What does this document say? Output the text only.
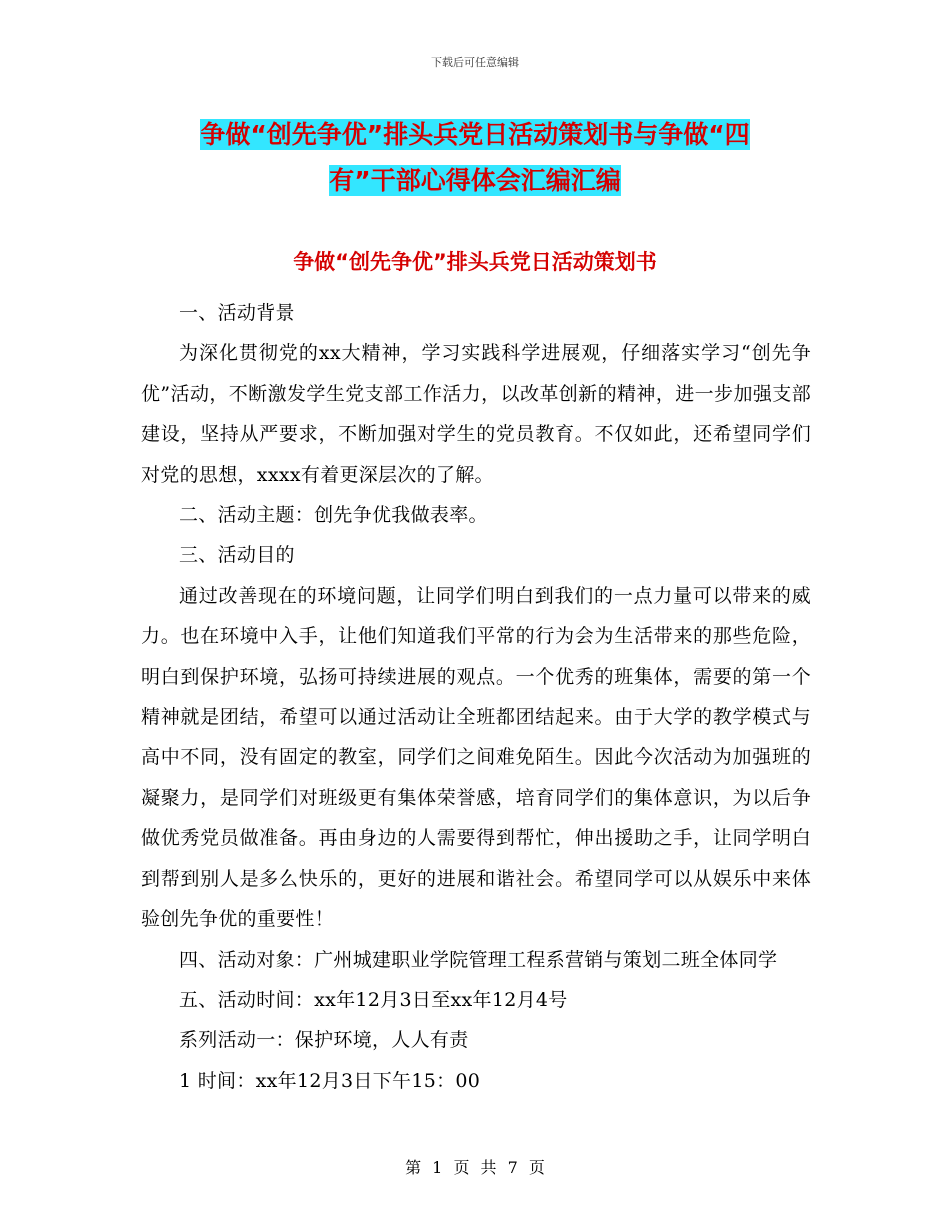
下载后可任意编辑
争做“创先争优”排头兵党日活动策划书与争做“四
有”干部心得体会汇编汇编
争做“创先争优”排头兵党日活动策划书

一、活动背景

为深化贯彻党的xx大精神，学习实践科学进展观，仔细落实学习“创先争优”活动，不断激发学生党支部工作活力，以改革创新的精神，进一步加强支部建设，坚持从严要求，不断加强对学生的党员教育。不仅如此，还希望同学们对党的思想，xxxx有着更深层次的了解。

二、活动主题：创先争优我做表率。

三、活动目的

通过改善现在的环境问题，让同学们明白到我们的一点力量可以带来的威力。也在环境中入手，让他们知道我们平常的行为会为生活带来的那些危险，明白到保护环境，弘扬可持续进展的观点。一个优秀的班集体，需要的第一个精神就是团结，希望可以通过活动让全班都团结起来。由于大学的教学模式与高中不同，没有固定的教室，同学们之间难免陌生。因此今次活动为加强班的凝聚力，是同学们对班级更有集体荣誉感，培育同学们的集体意识，为以后争做优秀党员做准备。再由身边的人需要得到帮忙，伸出援助之手，让同学明白到帮到别人是多么快乐的，更好的进展和谐社会。希望同学可以从娱乐中来体验创先争优的重要性！

四、活动对象：广州城建职业学院管理工程系营销与策划二班全体同学

五、活动时间：xx年12月3日至xx年12月4号

系列活动一：保护环境，人人有责

1 时间：xx年12月3日下午15：00

第 1 页 共 7 页
